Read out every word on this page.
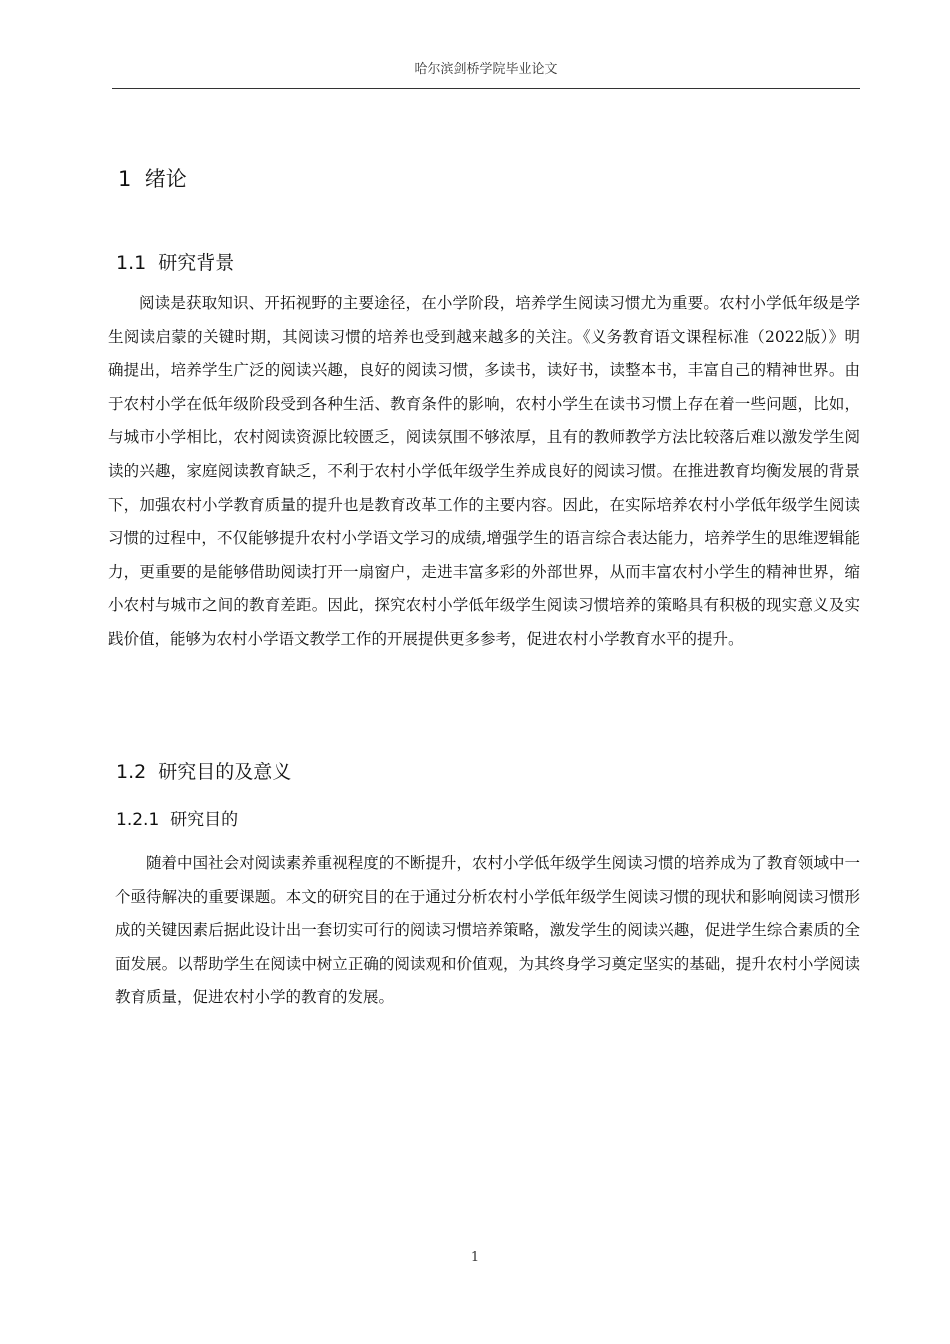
哈尔滨剑桥学院毕业论文
1  绪论
1.1  研究背景

阅读是获取知识、开拓视野的主要途径，在小学阶段，培养学生阅读习惯尤为重要。农村小学低年级是学生阅读启蒙的关键时期，其阅读习惯的培养也受到越来越多的关注。《义务教育语文课程标准（2022版）》明确提出，培养学生广泛的阅读兴趣，良好的阅读习惯，多读书，读好书，读整本书，丰富自己的精神世界。由于农村小学在低年级阶段受到各种生活、教育条件的影响，农村小学生在读书习惯上存在着一些问题，比如，与城市小学相比，农村阅读资源比较匮乏，阅读氛围不够浓厚，且有的教师教学方法比较落后难以激发学生阅读的兴趣，家庭阅读教育缺乏，不利于农村小学低年级学生养成良好的阅读习惯。在推进教育均衡发展的背景下，加强农村小学教育质量的提升也是教育改革工作的主要内容。因此，在实际培养农村小学低年级学生阅读习惯的过程中，不仅能够提升农村小学语文学习的成绩,增强学生的语言综合表达能力，培养学生的思维逻辑能力，更重要的是能够借助阅读打开一扇窗户，走进丰富多彩的外部世界，从而丰富农村小学生的精神世界，缩小农村与城市之间的教育差距。因此，探究农村小学低年级学生阅读习惯培养的策略具有积极的现实意义及实践价值，能够为农村小学语文教学工作的开展提供更多参考，促进农村小学教育水平的提升。

1.2  研究目的及意义
1.2.1  研究目的

随着中国社会对阅读素养重视程度的不断提升，农村小学低年级学生阅读习惯的培养成为了教育领域中一个亟待解决的重要课题。本文的研究目的在于通过分析农村小学低年级学生阅读习惯的现状和影响阅读习惯形成的关键因素后据此设计出一套切实可行的阅读习惯培养策略，激发学生的阅读兴趣，促进学生综合素质的全面发展。以帮助学生在阅读中树立正确的阅读观和价值观，为其终身学习奠定坚实的基础，提升农村小学阅读教育质量，促进农村小学的教育的发展。

1
